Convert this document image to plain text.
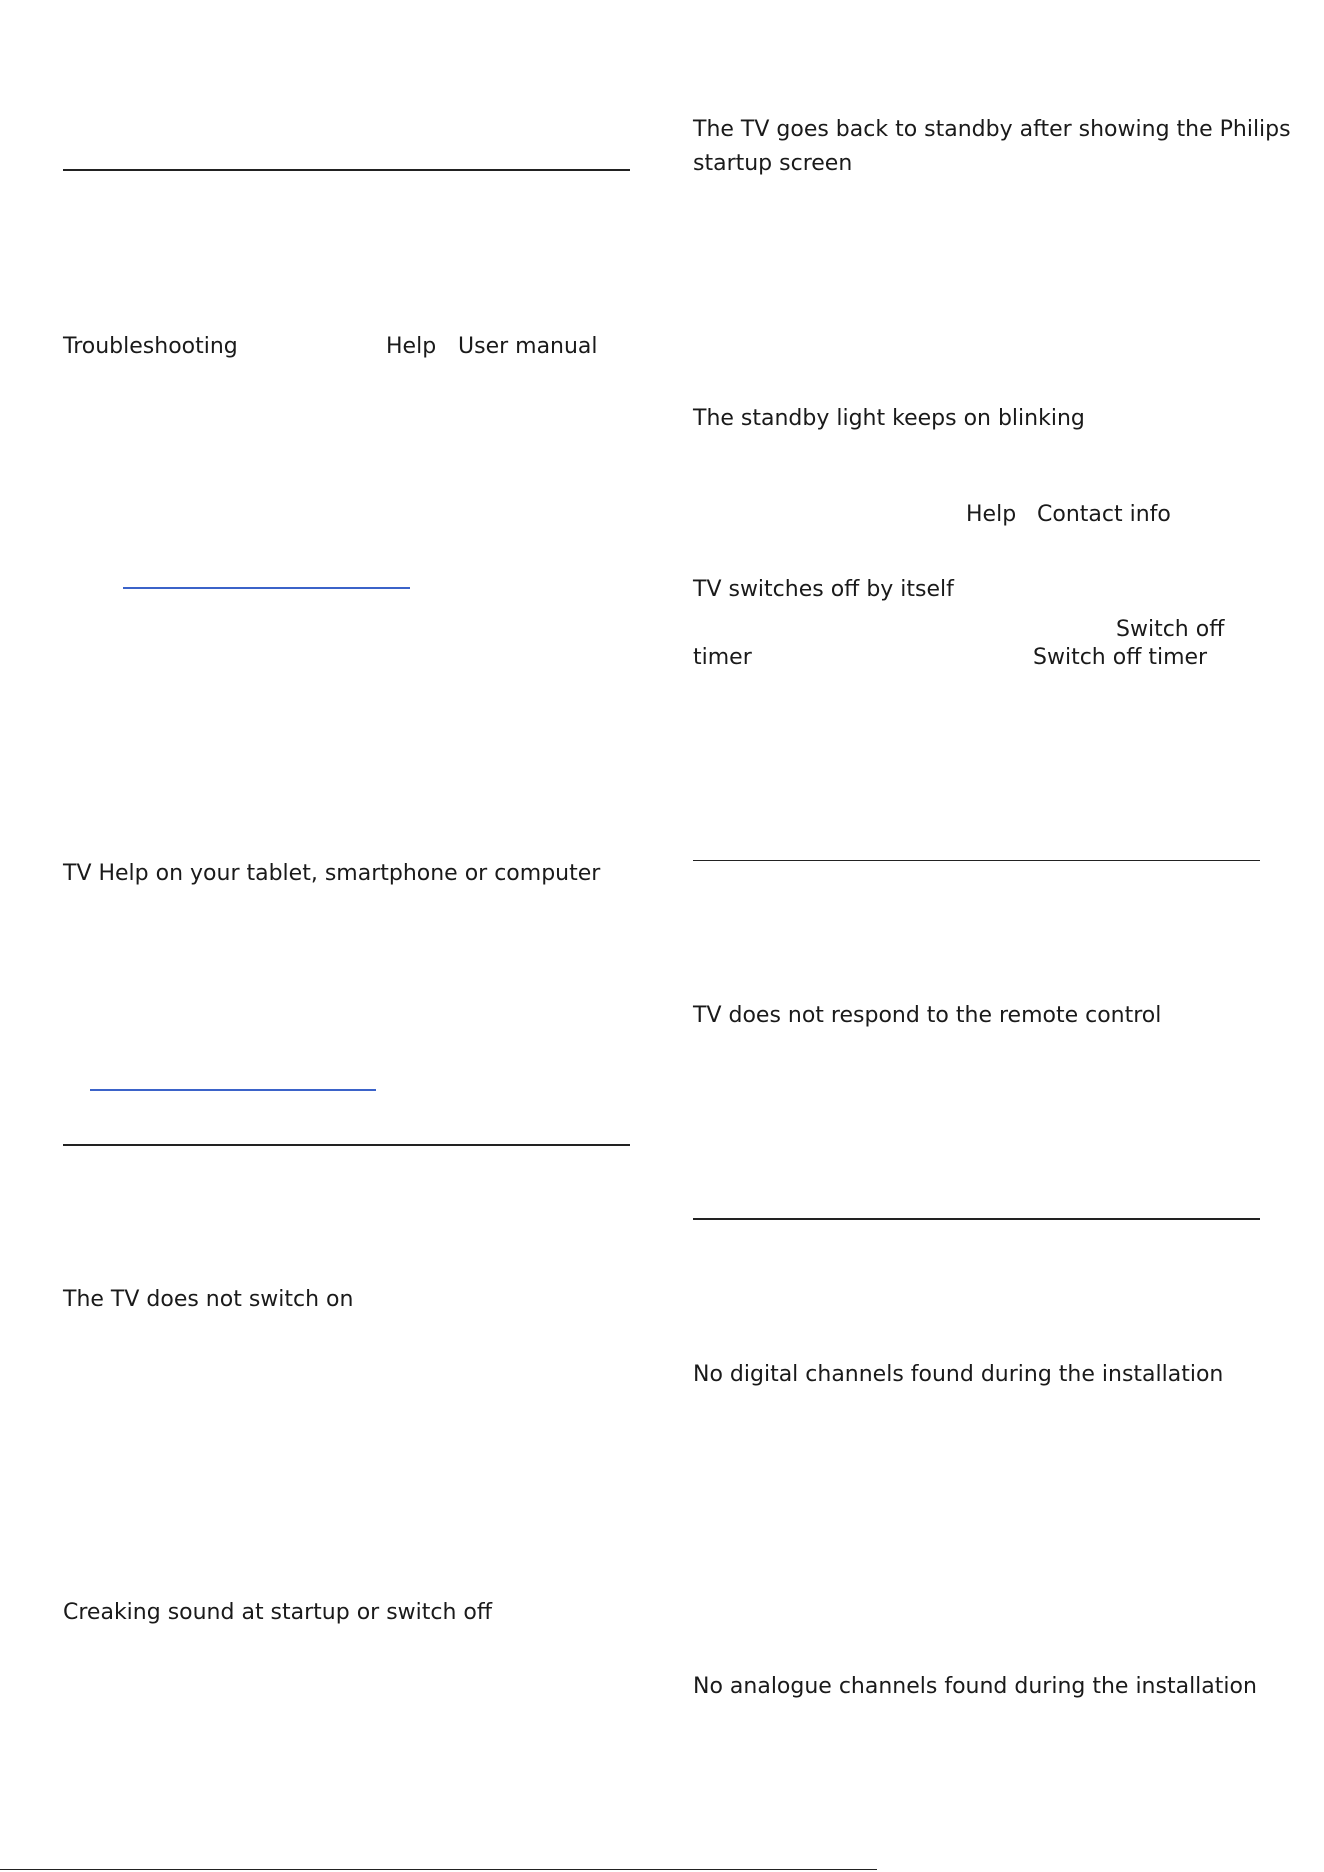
Troubleshooting	Help User manual
TV Help on your tablet, smartphone or computer
The TV does not switch on
Creaking sound at startup or switch off
The TV goes back to standby after showing the Philips
startup screen
The standby light keeps on blinking
Help Contact info
TV switches off by itself
Switch off
timer	Switch off timer
TV does not respond to the remote control
No digital channels found during the installation
No analogue channels found during the installation
